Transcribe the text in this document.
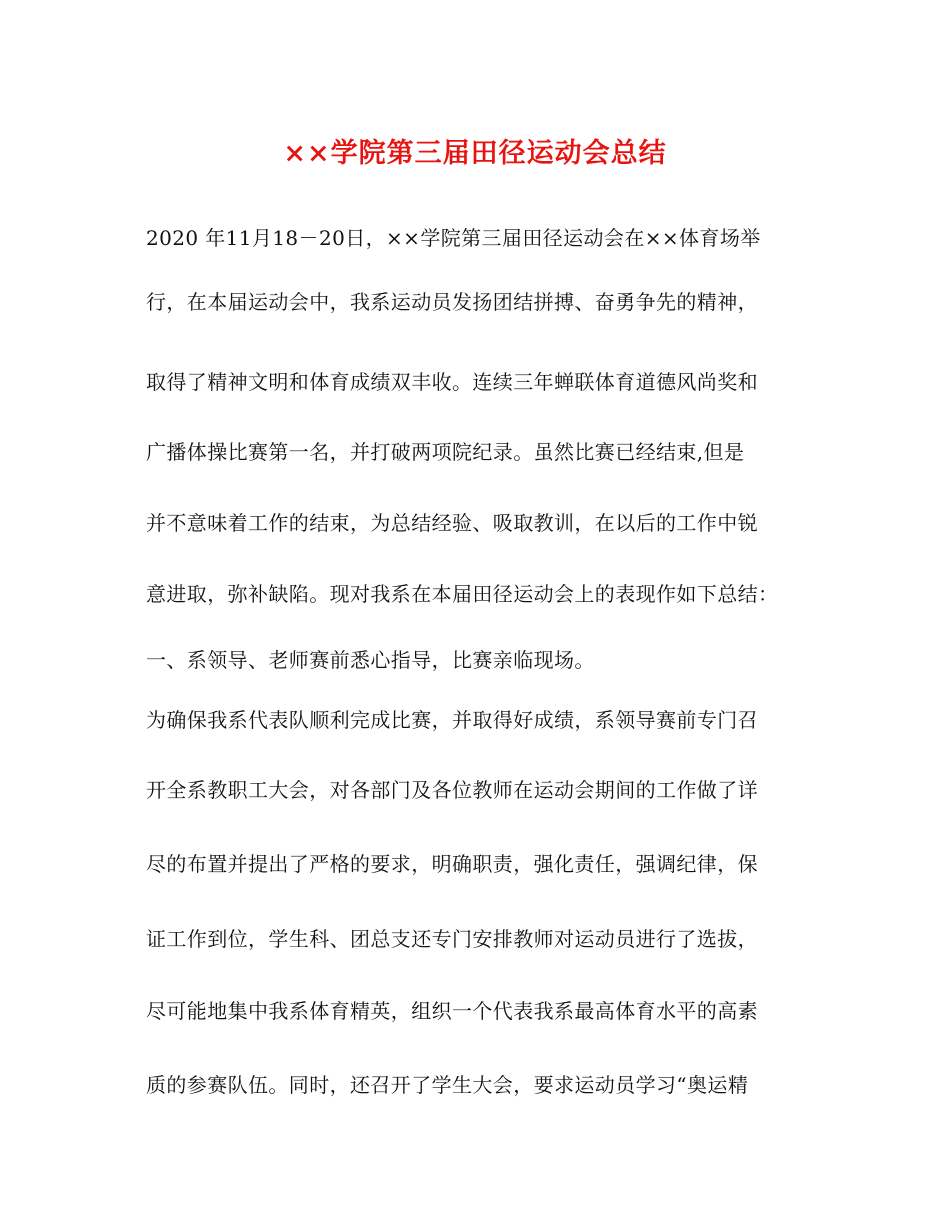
××学院第三届田径运动会总结
2020 年11月18－20日，××学院第三届田径运动会在××体育场举
行，在本届运动会中，我系运动员发扬团结拼搏、奋勇争先的精神，
取得了精神文明和体育成绩双丰收。连续三年蝉联体育道德风尚奖和
广播体操比赛第一名，并打破两项院纪录。虽然比赛已经结束,但是
并不意味着工作的结束，为总结经验、吸取教训，在以后的工作中锐
意进取，弥补缺陷。现对我系在本届田径运动会上的表现作如下总结：
一、系领导、老师赛前悉心指导，比赛亲临现场。
为确保我系代表队顺利完成比赛，并取得好成绩，系领导赛前专门召
开全系教职工大会，对各部门及各位教师在运动会期间的工作做了详
尽的布置并提出了严格的要求，明确职责，强化责任，强调纪律，保
证工作到位，学生科、团总支还专门安排教师对运动员进行了选拔，
尽可能地集中我系体育精英，组织一个代表我系最高体育水平的高素
质的参赛队伍。同时，还召开了学生大会，要求运动员学习“奥运精
